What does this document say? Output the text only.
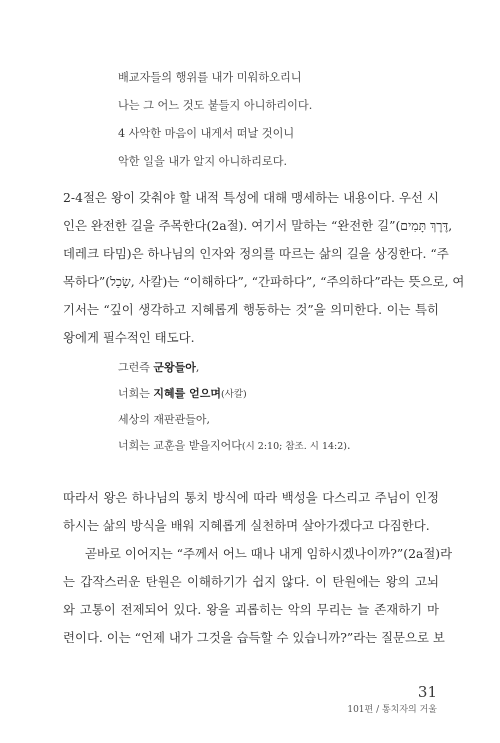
배교자들의 행위를 내가 미워하오리니
나는 그 어느 것도 붙들지 아니하리이다.
4 사악한 마음이 내게서 떠날 것이니
악한 일을 내가 알지 아니하리로다.
2-4절은 왕이 갖춰야 할 내적 특성에 대해 맹세하는 내용이다. 우선 시
인은 완전한 길을 주목한다(2a절). 여기서 말하는 “완전한 길”(דֶּרֶךְ תָּמִים,
데레크 타밈)은 하나님의 인자와 정의를 따르는 삶의 길을 상징한다. “주
목하다”(שָׂכַל, 사칼)는 “이해하다”, “간파하다”, “주의하다”라는 뜻으로, 여
기서는 “깊이 생각하고 지혜롭게 행동하는 것”을 의미한다. 이는 특히
왕에게 필수적인 태도다.
그런즉 군왕들아,
너희는 지혜를 얻으며(사칼)
세상의 재판관들아,
너희는 교훈을 받을지어다(시 2:10; 참조. 시 14:2).
따라서 왕은 하나님의 통치 방식에 따라 백성을 다스리고 주님이 인정
하시는 삶의 방식을 배워 지혜롭게 실천하며 살아가겠다고 다짐한다.
곧바로 이어지는 “주께서 어느 때나 내게 임하시겠나이까?”(2a절)라
는 갑작스러운 탄원은 이해하기가 쉽지 않다. 이 탄원에는 왕의 고뇌
와 고통이 전제되어 있다. 왕을 괴롭히는 악의 무리는 늘 존재하기 마
련이다. 이는 “언제 내가 그것을 습득할 수 있습니까?”라는 질문으로 보
31
101편 / 통치자의 거울
